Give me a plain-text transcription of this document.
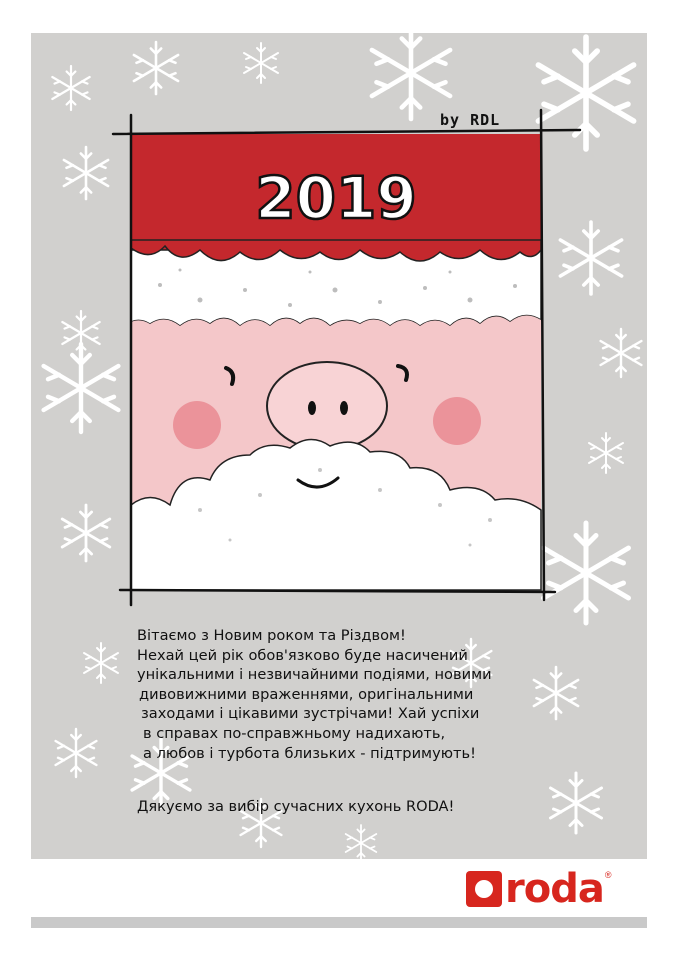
2019
by RDL
Вітаємо з Новим роком та Різдвом!
Нехай цей рік обов'язково буде насичений
унікальними і незвичайними подіями, новими
дивовижними враженнями, оригінальними
заходами і цікавими зустрічами! Хай успіхи
в справах по-справжньому надихають,
а любов і турбота близьких - підтримують!
Дякуємо за вибір сучасних кухонь RODA!
roda ®
